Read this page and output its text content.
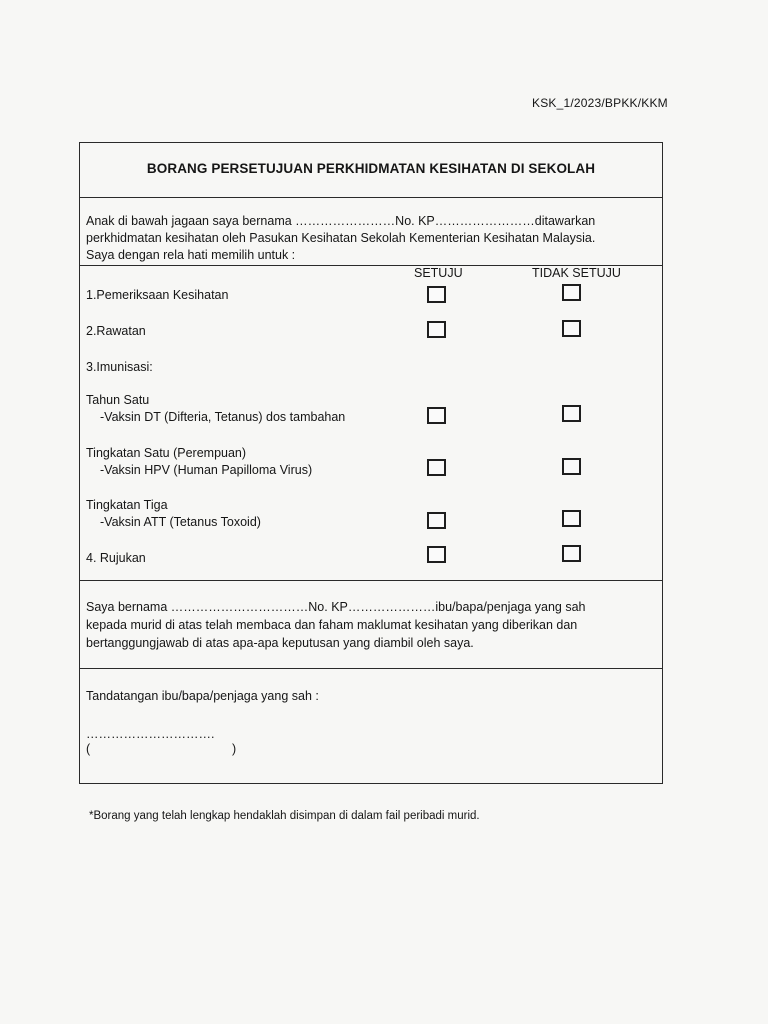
KSK_1/2023/BPKK/KKM
BORANG PERSETUJUAN PERKHIDMATAN KESIHATAN DI SEKOLAH
Anak di bawah jagaan saya bernama ……………………No. KP……………………ditawarkan
perkhidmatan kesihatan oleh Pasukan Kesihatan Sekolah Kementerian Kesihatan Malaysia.
Saya dengan rela hati memilih untuk :
SETUJU	TIDAK SETUJU
1.Pemeriksaan Kesihatan
2.Rawatan
3.Imunisasi:
Tahun Satu
-Vaksin DT (Difteria, Tetanus) dos tambahan
Tingkatan Satu (Perempuan)
-Vaksin HPV (Human Papilloma Virus)
Tingkatan Tiga
-Vaksin ATT (Tetanus Toxoid)
4. Rujukan
Saya bernama ……………………………No. KP…………………ibu/bapa/penjaga yang sah
kepada murid di atas telah membaca dan faham maklumat kesihatan yang diberikan dan
bertanggungjawab di atas apa-apa keputusan yang diambil oleh saya.
Tandatangan ibu/bapa/penjaga yang sah :
………………………….
(	)
*Borang yang telah lengkap hendaklah disimpan di dalam fail peribadi murid.
